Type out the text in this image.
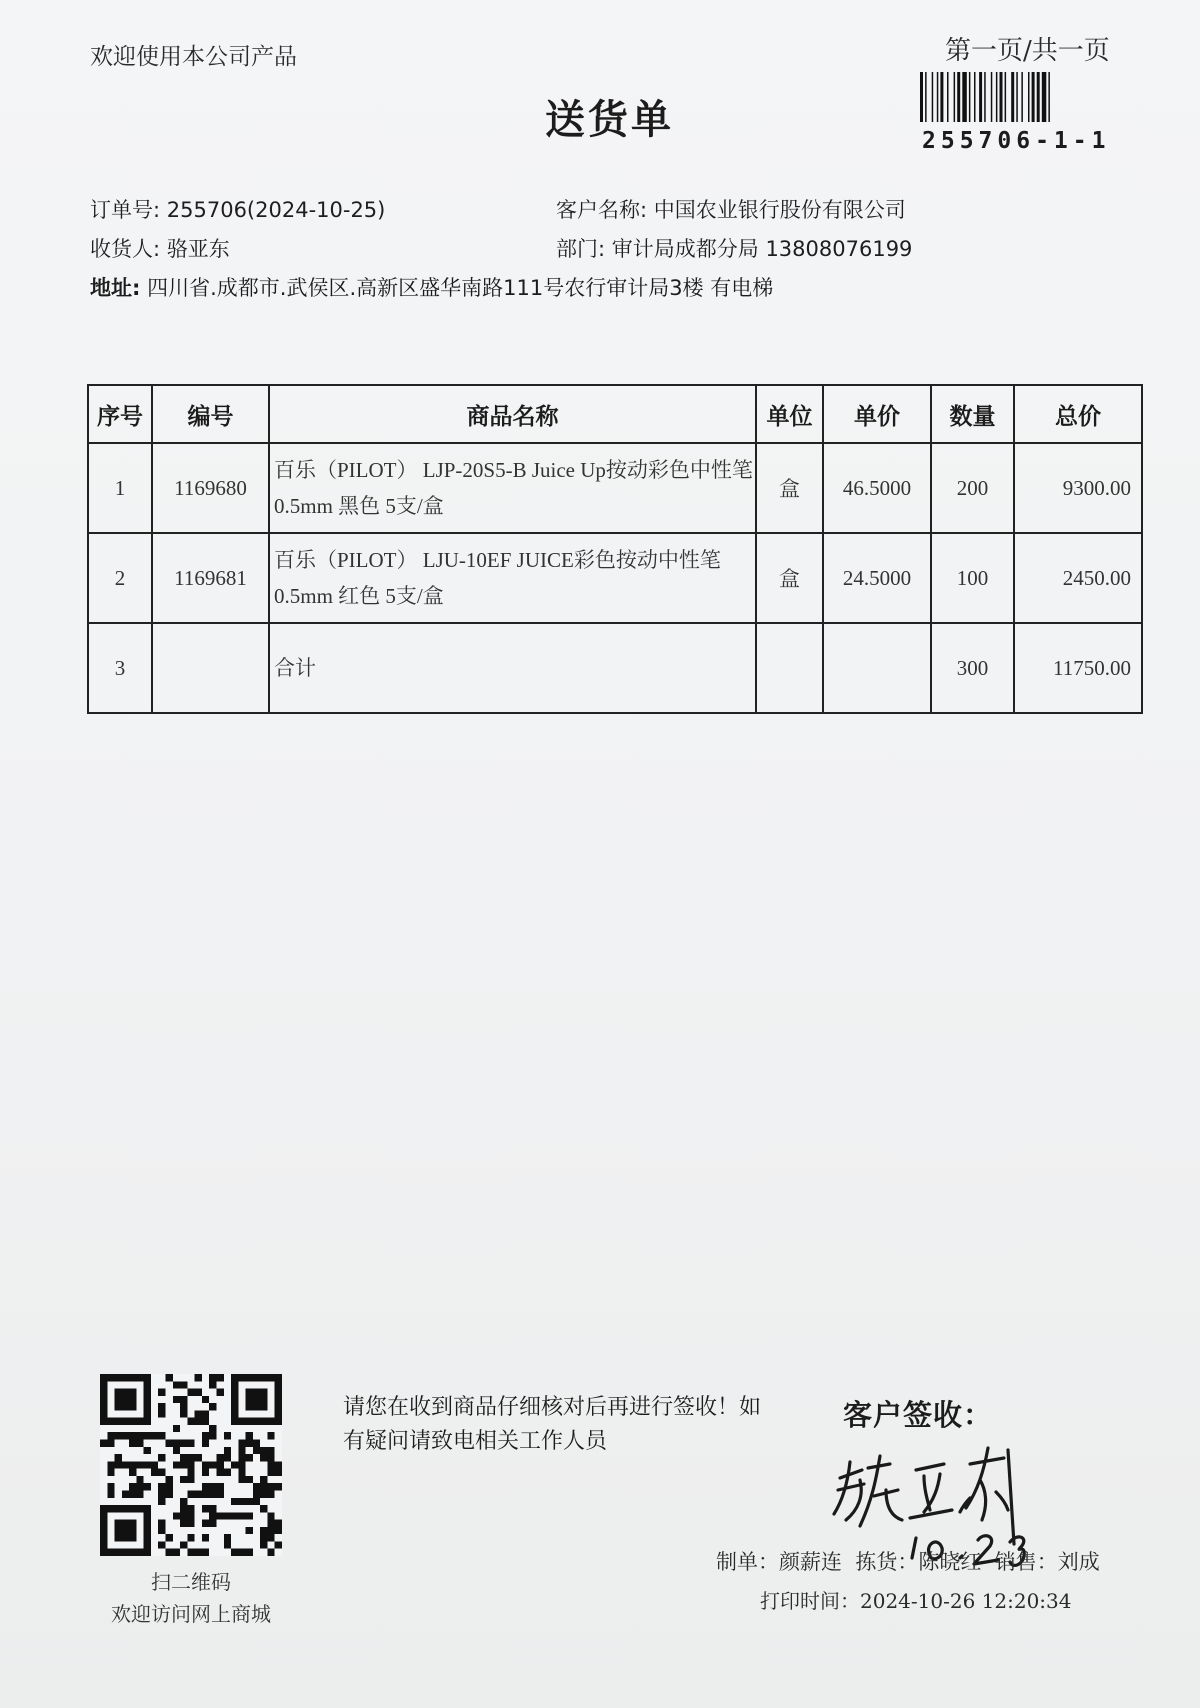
欢迎使用本公司产品	第一页/共一页
送货单	255706-1-1
订单号: 255706(2024-10-25)	客户名称: 中国农业银行股份有限公司
收货人: 骆亚东	部门: 审计局成都分局 13808076199
地址: 四川省.成都市.武侯区.高新区盛华南路111号农行审计局3楼 有电梯
序号	编号	商品名称	单位	单价	数量	总价
1	1169680	百乐（PILOT） LJP-20S5-B Juice Up按动彩色中性笔 0.5mm 黑色 5支/盒	盒	46.5000	200	9300.00
2	1169681	百乐（PILOT） LJU-10EF JUICE彩色按动中性笔 0.5mm 红色 5支/盒	盒	24.5000	100	2450.00
3		合计			300	11750.00
扫二维码
欢迎访问网上商城
请您在收到商品仔细核对后再进行签收！如有疑问请致电相关工作人员
客户签收：
制单：颜薪连 拣货：陈晓红 销售：刘成
打印时间：2024-10-26 12:20:34
